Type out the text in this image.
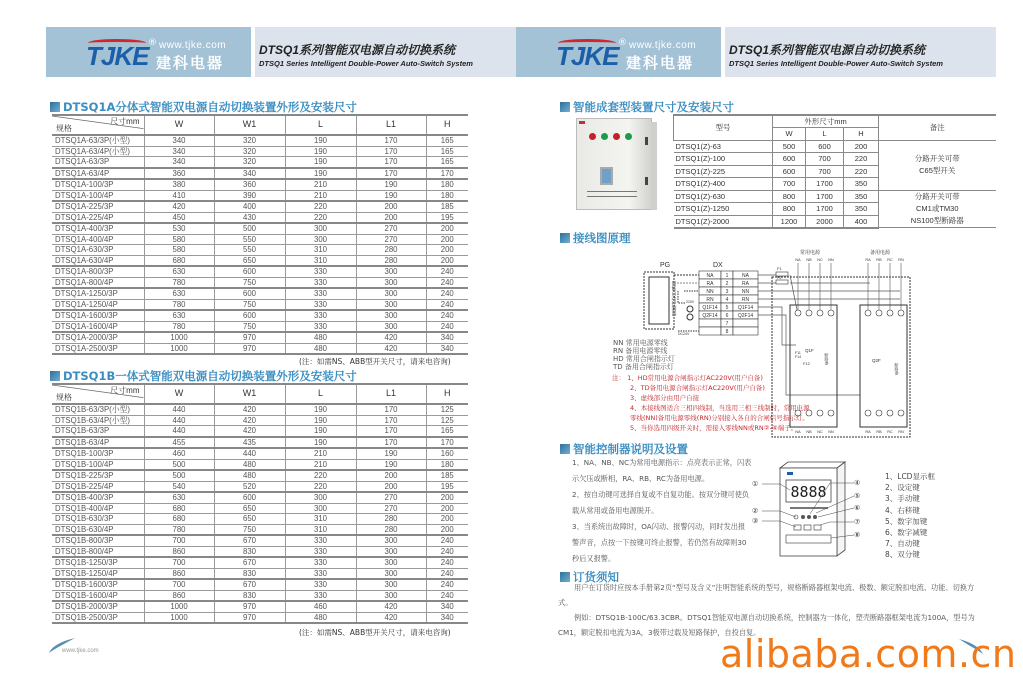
TJKE ® www.tjke.com
建科电器
DTSQ1系列智能双电源自动切换系统
DTSQ1 Series Intelligent Double-Power Auto-Switch System	TJKE ® www.tjke.com
建科电器
DTSQ1系列智能双电源自动切换系统
DTSQ1 Series Intelligent Double-Power Auto-Switch System
DTSQ1A分体式智能双电源自动切换装置外形及安装尺寸
尺寸mm
规格	W	W1	L	L1	H
DTSQ1A-63/3P(小型)	340	320	190	170	165
DTSQ1A-63/4P(小型)	340	320	190	170	165
DTSQ1A-63/3P	340	320	190	170	165
DTSQ1A-63/4P	360	340	190	170	170
DTSQ1A-100/3P	380	360	210	190	180
DTSQ1A-100/4P	410	390	210	190	180
DTSQ1A-225/3P	420	400	220	200	185
DTSQ1A-225/4P	450	430	220	200	195
DTSQ1A-400/3P	530	500	300	270	200
DTSQ1A-400/4P	580	550	300	270	200
DTSQ1A-630/3P	580	550	310	280	200
DTSQ1A-630/4P	680	650	310	280	200
DTSQ1A-800/3P	630	600	330	300	240
DTSQ1A-800/4P	780	750	330	300	240
DTSQ1A-1250/3P	630	600	330	300	240
DTSQ1A-1250/4P	780	750	330	300	240
DTSQ1A-1600/3P	630	600	330	300	240
DTSQ1A-1600/4P	780	750	330	300	240
DTSQ1A-2000/3P	1000	970	480	420	340
DTSQ1A-2500/3P	1000	970	480	420	340
(注：如需NS、ABB型开关尺寸，请来电咨询)
DTSQ1B一体式智能双电源自动切换装置外形及安装尺寸
尺寸mm
规格	W	W1	L	L1	H
DTSQ1B-63/3P(小型)	440	420	190	170	125
DTSQ1B-63/4P(小型)	440	420	190	170	125
DTSQ1B-63/3P	440	420	190	170	165
DTSQ1B-63/4P	455	435	190	170	170
DTSQ1B-100/3P	460	440	210	190	160
DTSQ1B-100/4P	500	480	210	190	180
DTSQ1B-225/3P	500	480	220	200	185
DTSQ1B-225/4P	540	520	220	200	195
DTSQ1B-400/3P	630	600	300	270	200
DTSQ1B-400/4P	680	650	300	270	200
DTSQ1B-630/3P	680	650	310	280	200
DTSQ1B-630/4P	780	750	310	280	200
DTSQ1B-800/3P	700	670	330	300	240
DTSQ1B-800/4P	860	830	330	300	240
DTSQ1B-1250/3P	700	670	330	300	240
DTSQ1B-1250/4P	860	830	330	300	240
DTSQ1B-1600/3P	700	670	330	300	240
DTSQ1B-1600/4P	860	830	330	300	240
DTSQ1B-2000/3P	1000	970	460	420	340
DTSQ1B-2500/3P	1000	970	480	420	340
(注：如需NS、ABB型开关尺寸，请来电咨询)
www.tjke.com
智能成套型装置尺寸及安装尺寸
型号	外形尺寸mm			备注
	W	L	H	
DTSQ1(Z)-63	500	600	200	分路开关可带
C65型开关

DTSQ1(Z)-100	600	700	220	
DTSQ1(Z)-225	600	700	220	
DTSQ1(Z)-400	700	1700	350	
DTSQ1(Z)-630	800	1700	350	分路开关可带
CM1或TM30
NS100型断路器

DTSQ1(Z)-1250	800	1700	350	
DTSQ1(Z)-2000	1200	2000	400	
接线图原理
PG
智能自动控制器
DX
NA 1	NA
RA 2	RA
NN 3	NN
RN 4	RN
Q1F14 5 Q1F14
Q2F14 6 Q2F14
7
8
220V
DC24V
F1
F2
常用电源	备用电源
NA NB NC NN	RA RB RC RN
Q1F
Q2F
F11
F14
F12	断路器
断路器
NA NB NC NN	RA RB RC RN
NN 常用电源零线
RN 备用电源零线
HD 常用合闸指示灯
TD 备用合闸指示灯
注： 1、HD常用电源合闸指示灯AC220V(用户自备)
2、TD备用电源合闸指示灯AC220V(用户自备)
3、虚线部分由用户自接
4、本接线图适合三相四线制，当选用三相三线制时，常用电源零线(NN)备用电源零线(RN)分别接入各自的合闸信号指示灯。
5、当你选用四级开关时，需接入零线NN或RN②-④端子。
智能控制器说明及设置
1、NA、NB、NC为常用电源指示：点亮表示正常，闪表示欠压或断相，RA、RB、RC为备用电源。
2、按自动键可选择自复或不自复功能。按双分键可使负载从常用或备用电源脱开。
3、当系统出故障时，OA闪动、报警闪动，同时发出报警声音，点按一下按键可终止报警，若仍然有故障则30秒后又报警。
8888
①
②
③
④
⑤
⑥
⑦
⑧
1、LCD显示框
2、设定键
3、手动键
4、右移键
5、数字加键
6、数字减键
7、自动键
8、双分键
订货须知
用户在订货时应按本手册第2页“型号及含义”注明智能系统的型号，规格断路器框架电流、极数、额定脱扣电流、功能、切换方式。
例如：DTSQ1B-100C/63.3CBR。DTSQ1智能双电源自动切换系统，控制器为一体化，塑壳断路器框架电流为100A，型号为CM1，额定脱扣电流为3A，3极带过载及短路保护，自投自复。
alibaba.com.cn
